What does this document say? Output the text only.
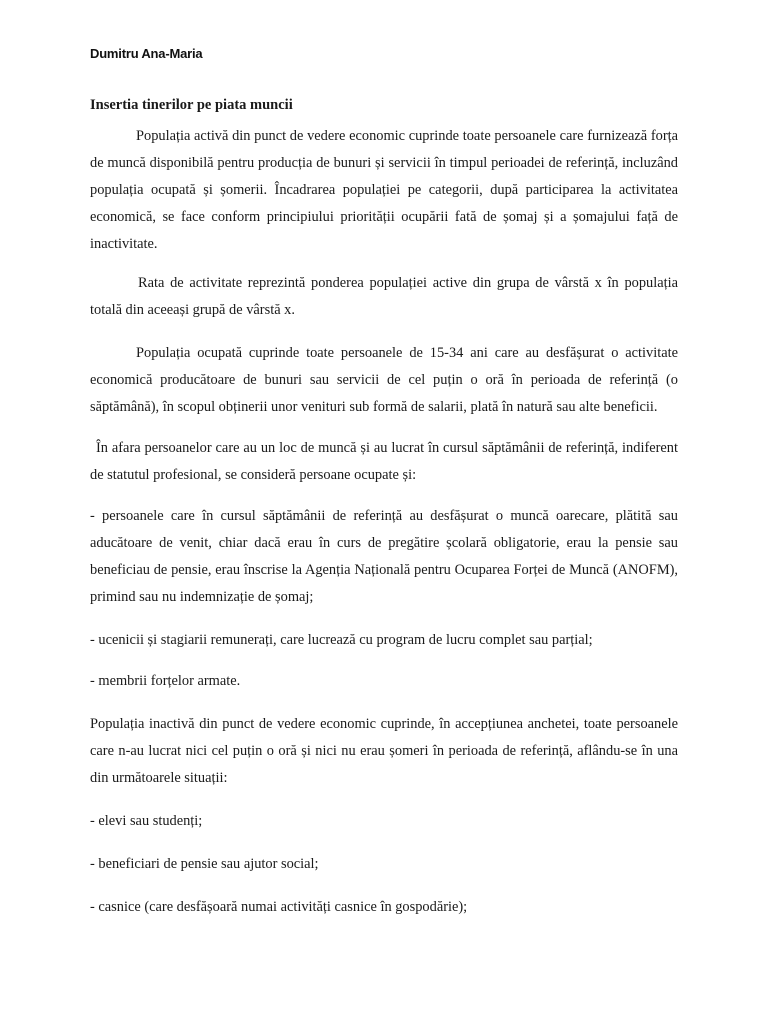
Dumitru Ana-Maria
Insertia tinerilor pe piata muncii

Populația activă din punct de vedere economic cuprinde toate persoanele care furnizează forța de muncă disponibilă pentru producția de bunuri și servicii în timpul perioadei de referință, incluzând populația ocupată și șomerii. Încadrarea populației pe categorii, după participarea la activitatea economică, se face conform principiului priorității ocupării fată de șomaj și a șomajului față de inactivitate.

Rata de activitate reprezintă ponderea populației active din grupa de vârstă x în populația totală din aceeași grupă de vârstă x.

Populația ocupată cuprinde toate persoanele de 15-34 ani care au desfășurat o activitate economică producătoare de bunuri sau servicii de cel puțin o oră în perioada de referință (o săptămână), în scopul obținerii unor venituri sub formă de salarii, plată în natură sau alte beneficii.

În afara persoanelor care au un loc de muncă și au lucrat în cursul săptămânii de referință, indiferent de statutul profesional, se consideră persoane ocupate și:

- persoanele care în cursul săptămânii de referință au desfășurat o muncă oarecare, plătită sau aducătoare de venit, chiar dacă erau în curs de pregătire școlară obligatorie, erau la pensie sau beneficiau de pensie, erau înscrise la Agenția Națională pentru Ocuparea Forței de Muncă (ANOFM), primind sau nu indemnizație de șomaj;

- ucenicii și stagiarii remunerați, care lucrează cu program de lucru complet sau parțial;

- membrii forțelor armate.

Populația inactivă din punct de vedere economic cuprinde, în accepțiunea anchetei, toate persoanele care n-au lucrat nici cel puțin o oră și nici nu erau șomeri în perioada de referință, aflându-se în una din următoarele situații:

- elevi sau studenți;

- beneficiari de pensie sau ajutor social;

- casnice (care desfășoară numai activități casnice în gospodărie);
